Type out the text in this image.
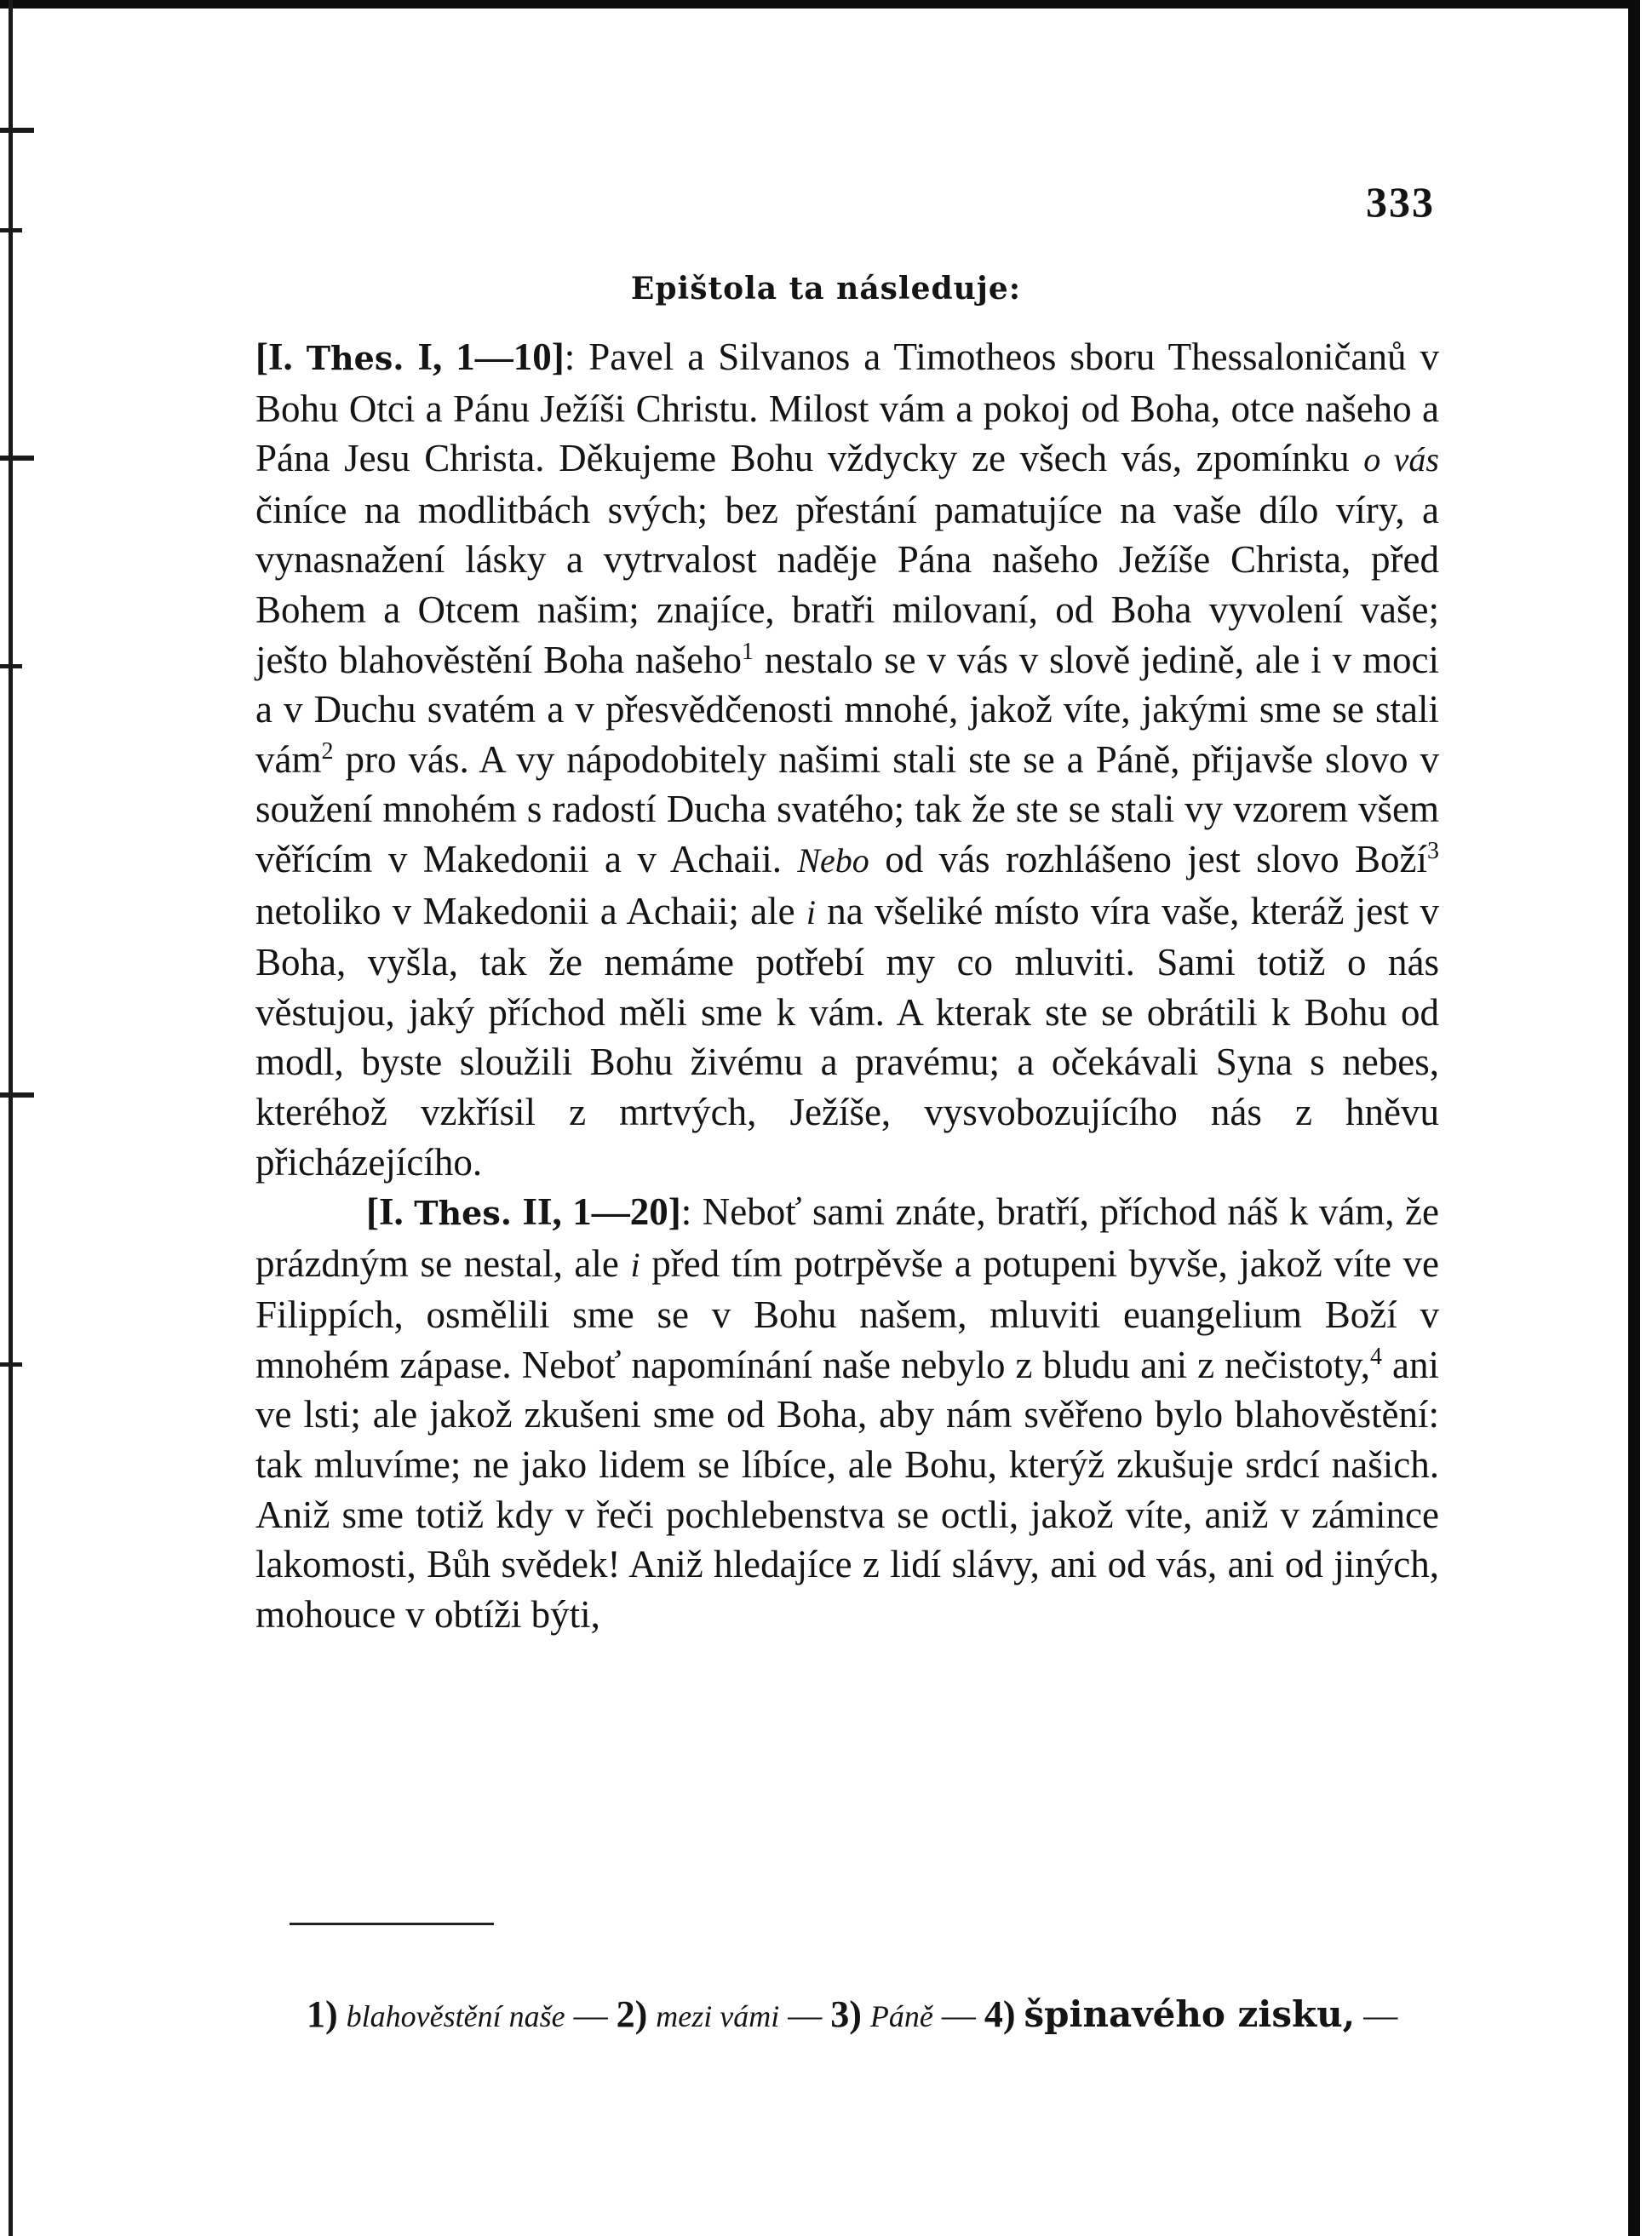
333
Epištola ta následuje:

[I. Thes. I, 1—10]: Pavel a Silvanos a Timotheos sboru Thessaloničanů v Bohu Otci a Pánu Ježíši Christu. Milost vám a pokoj od Boha, otce našeho a Pána Jesu Christa. Děkujeme Bohu vždycky ze všech vás, zpomínku o vás činíce na modlitbách svých; bez přestání pamatujíce na vaše dílo víry, a vynasnažení lásky a vytrvalost naděje Pána našeho Ježíše Christa, před Bohem a Otcem našim; znajíce, bratři milovaní, od Boha vyvolení vaše; ješto blahověstění Boha našeho$^1$ nestalo se v vás v slově jedině, ale i v moci a v Duchu svatém a v přesvědčenosti mnohé, jakož víte, jakými sme se stali vám$^2$ pro vás. A vy nápodobitely našimi stali ste se a Páně, přijavše slovo v soužení mnohém s radostí Ducha svatého; tak že ste se stali vy vzorem všem věřícím v Makedonii a v Achaii. Nebo od vás rozhlášeno jest slovo Boží$^3$ netoliko v Makedonii a Achaii; ale i na všeliké místo víra vaše, kteráž jest v Boha, vyšla, tak že nemáme potřebí my co mluviti. Sami totiž o nás věstujou, jaký příchod měli sme k vám. A kterak ste se obrátili k Bohu od modl, byste sloužili Bohu živému a pravému; a očekávali Syna s nebes, kteréhož vzkřísil z mrtvých, Ježíše, vysvobozujícího nás z hněvu přicházejícího.

[I. Thes. II, 1—20]: Neboť sami znáte, bratří, příchod náš k vám, že prázdným se nestal, ale i před tím potrpěvše a potupeni byvše, jakož víte ve Filippích, osmělili sme se v Bohu našem, mluviti euangelium Boží v mnohém zápase. Neboť napomínání naše nebylo z bludu ani z nečistoty,$^4$ ani ve lsti; ale jakož zkušeni sme od Boha, aby nám svěřeno bylo blahověstění: tak mluvíme; ne jako lidem se líbíce, ale Bohu, kterýž zkušuje srdcí našich. Aniž sme totiž kdy v řeči pochlebenstva se octli, jakož víte, aniž v zámince lakomosti, Bůh svědek! Aniž hledajíce z lidí slávy, ani od vás, ani od jiných, mohouce v obtíži býti,

1) blahověstění naše — 2) mezi vámi — 3) Páně — 4) špinavého zisku, —
